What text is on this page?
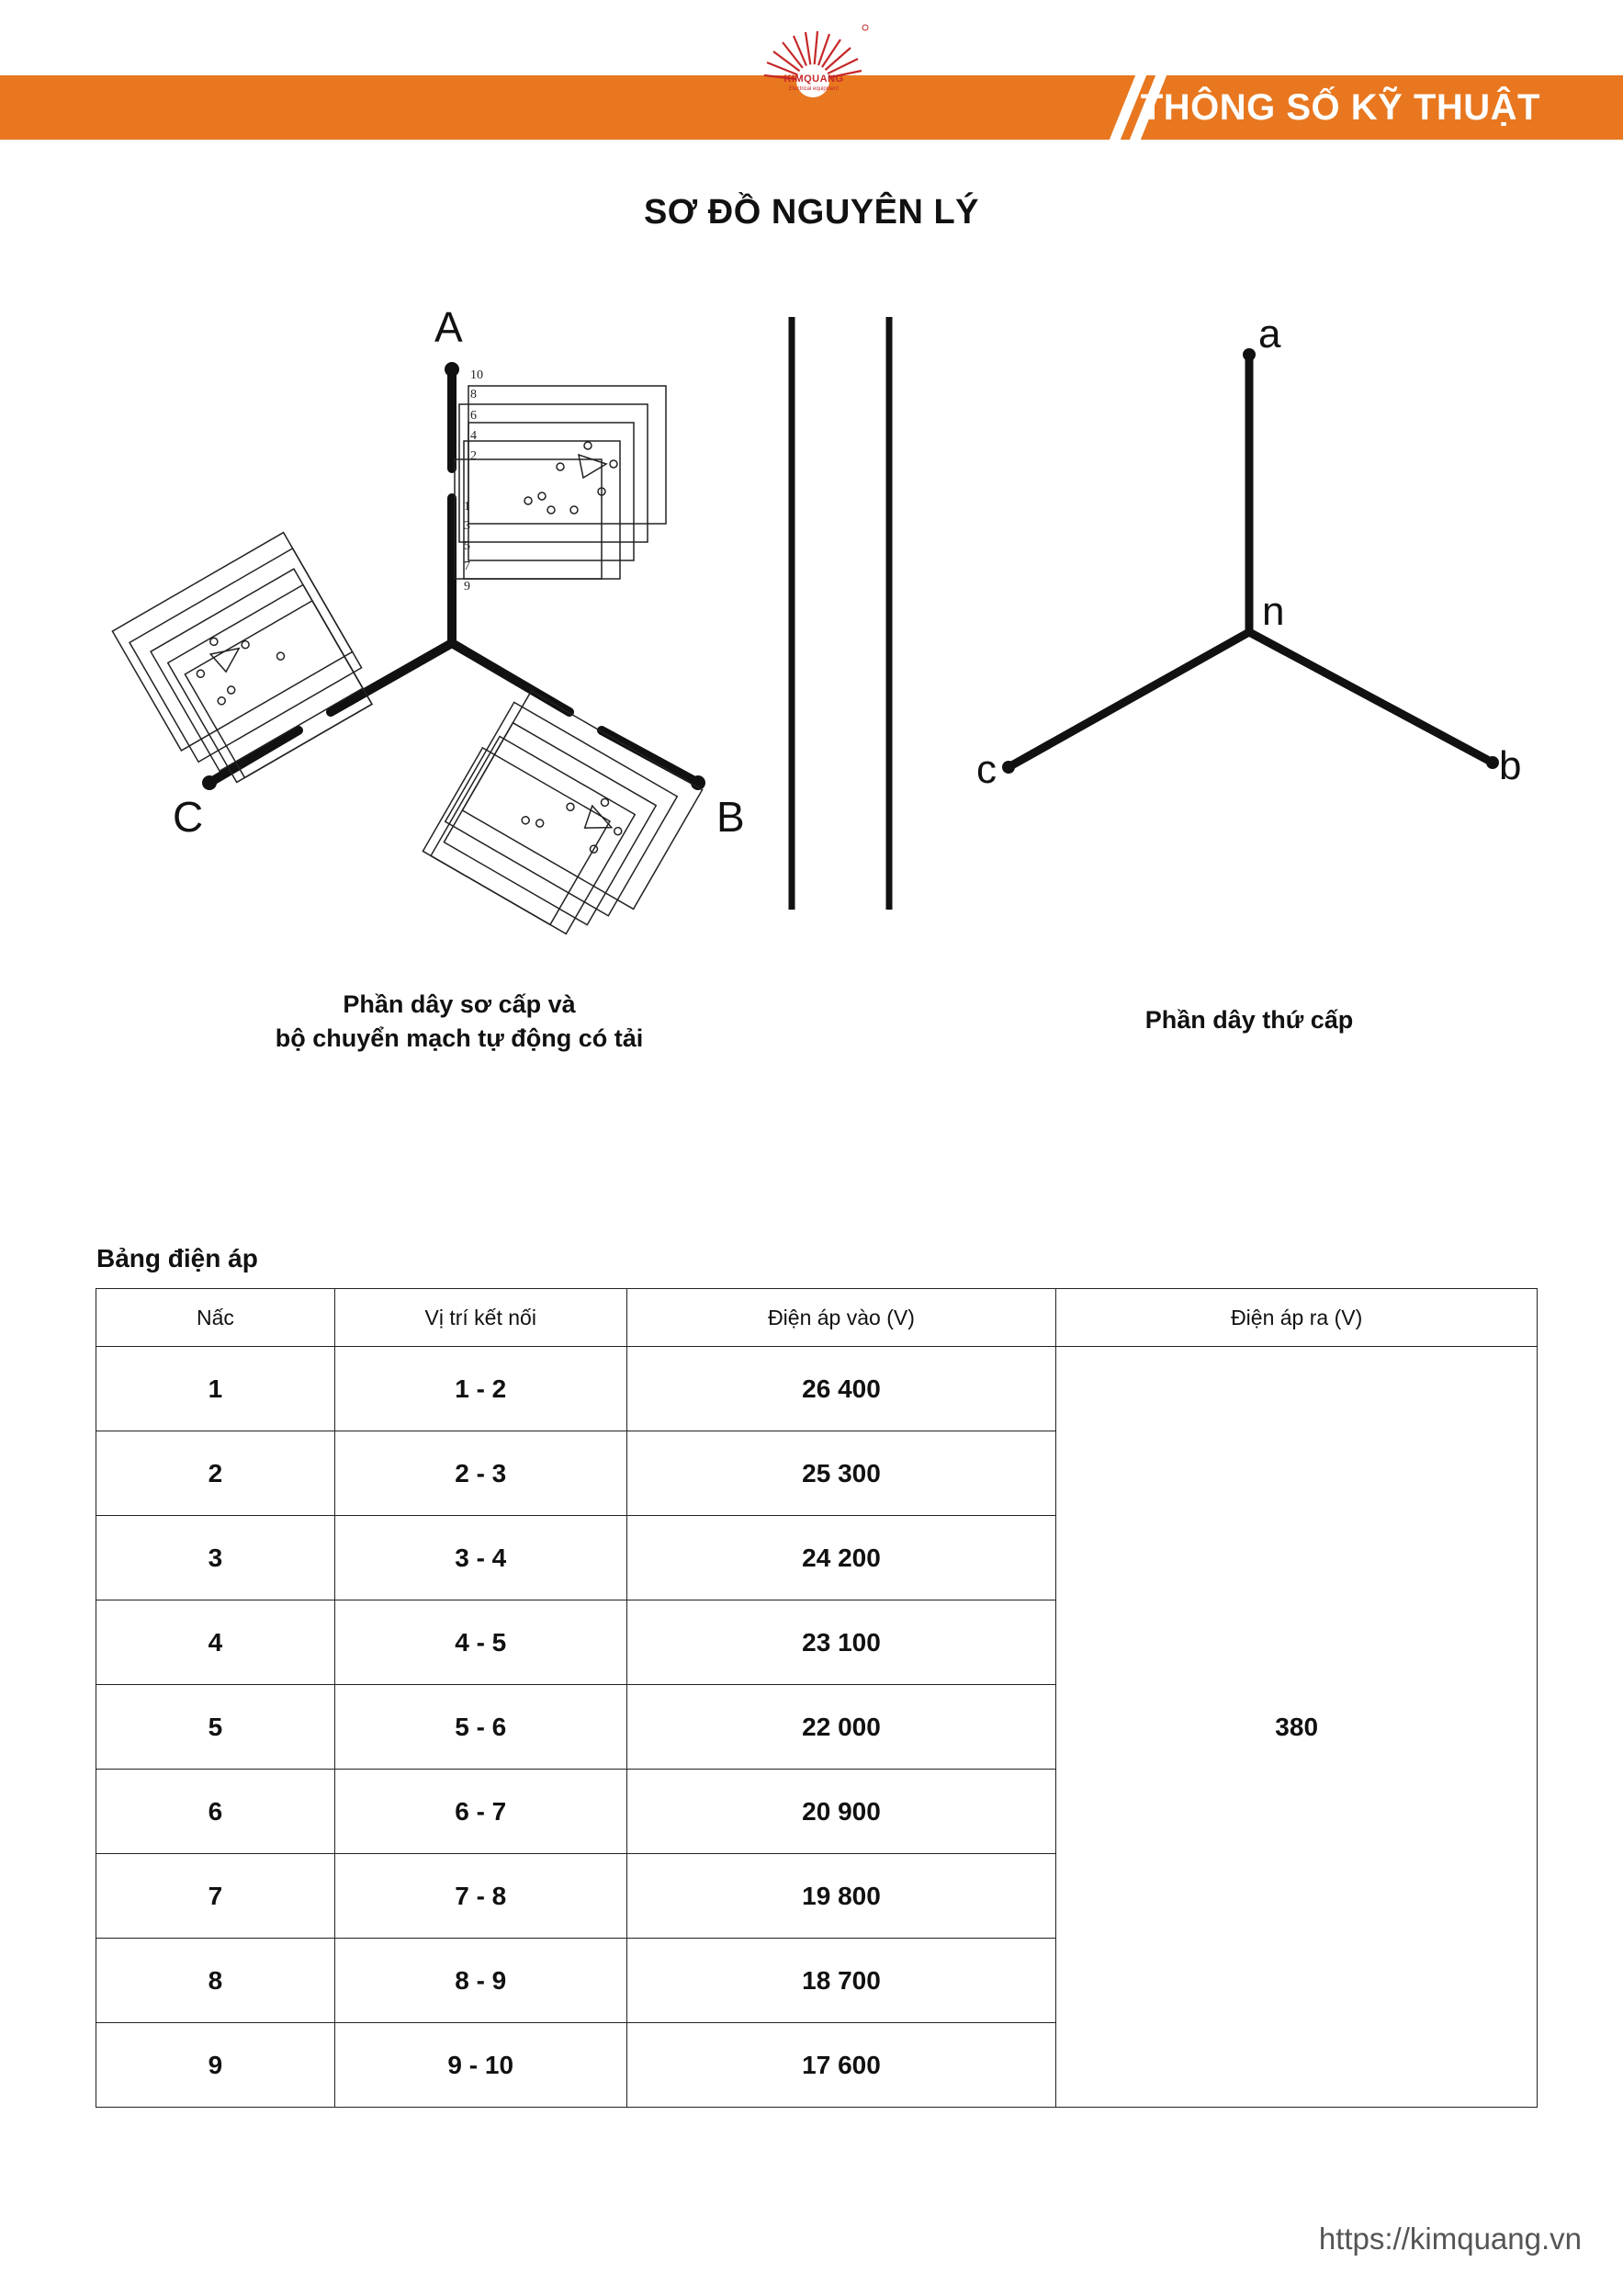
THÔNG SỐ KỸ THUẬT
KIMQUANG
Electrical equipment
SƠ ĐỒ NGUYÊN LÝ
10
8
6
4
2
1
3
5
7
9
A
B
C
a
b
c
n
Phần dây sơ cấp và
bộ chuyển mạch tự động có tải
Phần dây thứ cấp
Bảng điện áp
Nấc	Vị trí kết nối	Điện áp vào (V)	Điện áp ra (V)
1	1 - 2	26 400	380
2	2 - 3	25 300	
3	3 - 4	24 200	
4	4 - 5	23 100	
5	5 - 6	22 000	
6	6 - 7	20 900	
7	7 - 8	19 800	
8	8 - 9	18 700	
9	9 - 10	17 600	
https://kimquang.vn
